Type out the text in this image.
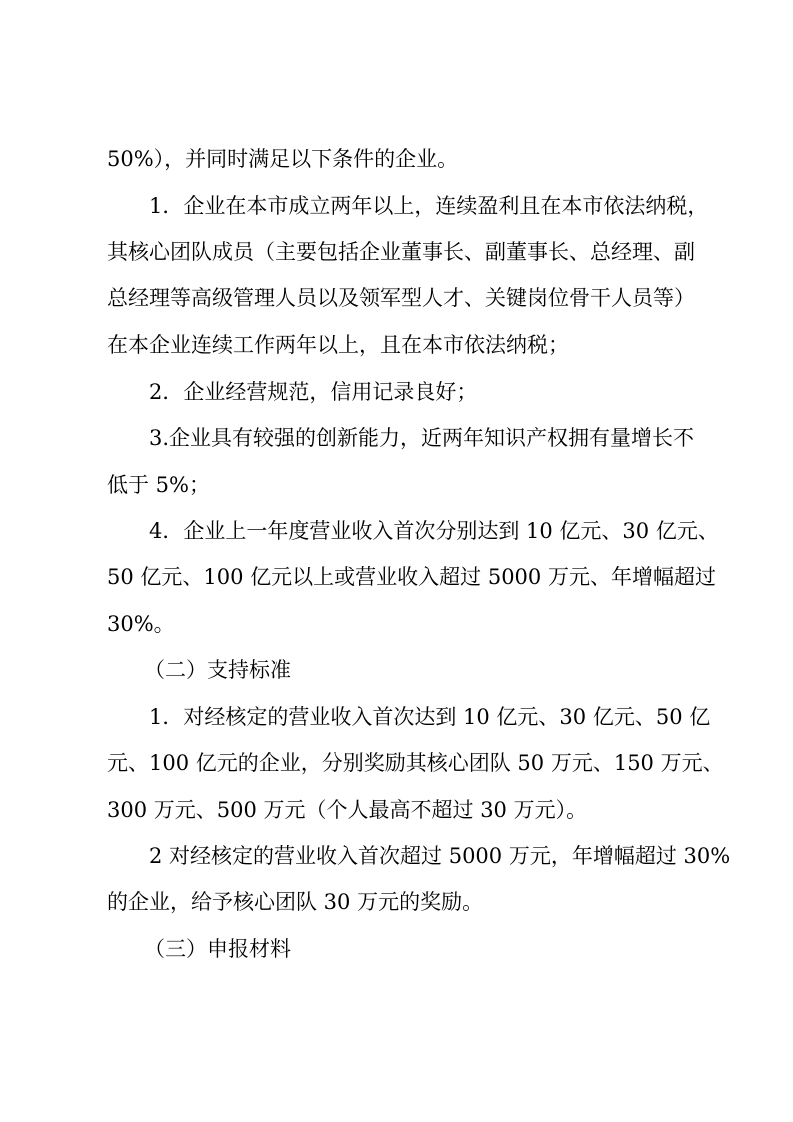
50%），并同时满足以下条件的企业。
1．企业在本市成立两年以上，连续盈利且在本市依法纳税，
其核心团队成员（主要包括企业董事长、副董事长、总经理、副
总经理等高级管理人员以及领军型人才、关键岗位骨干人员等）
在本企业连续工作两年以上，且在本市依法纳税；
2．企业经营规范，信用记录良好；
3.企业具有较强的创新能力，近两年知识产权拥有量增长不
低于 5%；
4．企业上一年度营业收入首次分别达到 10 亿元、30 亿元、
50 亿元、100 亿元以上或营业收入超过 5000 万元、年增幅超过
30%。
（二）支持标准
1．对经核定的营业收入首次达到 10 亿元、30 亿元、50 亿
元、100 亿元的企业，分别奖励其核心团队 50 万元、150 万元、
300 万元、500 万元（个人最高不超过 30 万元）。
2 对经核定的营业收入首次超过 5000 万元，年增幅超过 30%
的企业，给予核心团队 30 万元的奖励。
（三）申报材料
